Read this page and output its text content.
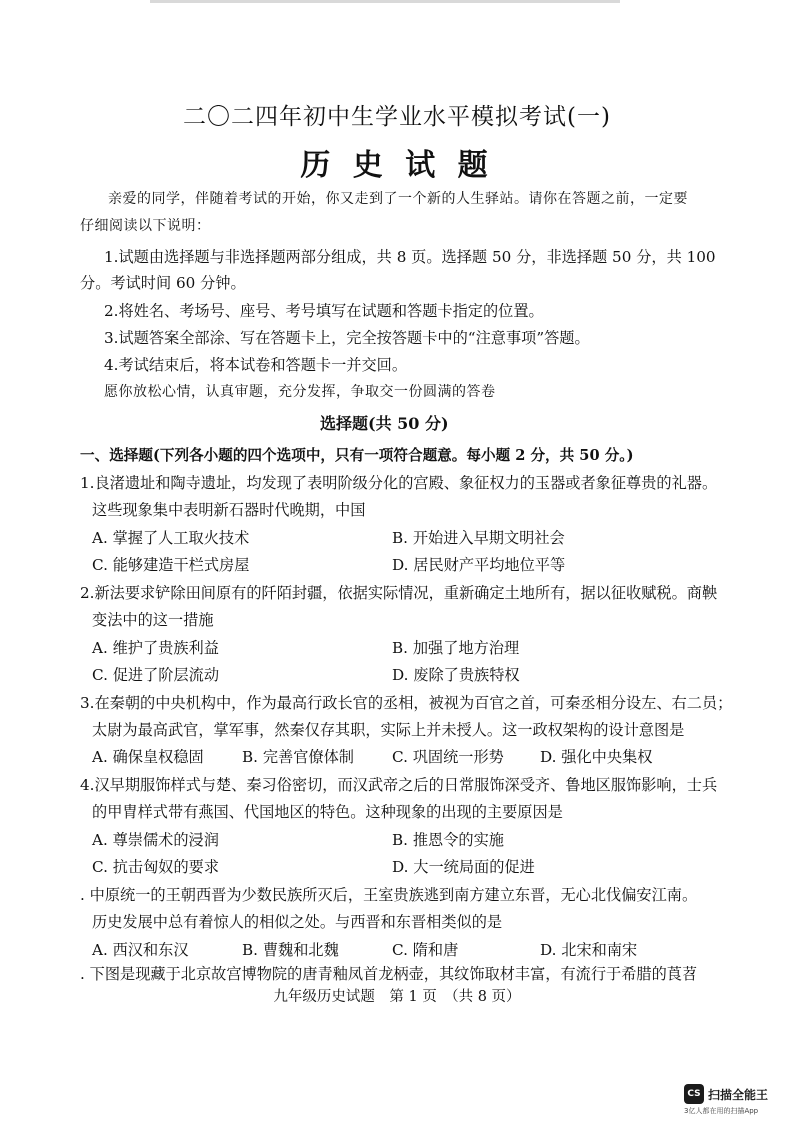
二〇二四年初中生学业水平模拟考试(一)
历 史 试 题
亲爱的同学，伴随着考试的开始，你又走到了一个新的人生驿站。请你在答题之前，一定要
仔细阅读以下说明：
1.试题由选择题与非选择题两部分组成，共 8 页。选择题 50 分，非选择题 50 分，共 100
分。考试时间 60 分钟。
2.将姓名、考场号、座号、考号填写在试题和答题卡指定的位置。
3.试题答案全部涂、写在答题卡上，完全按答题卡中的“注意事项”答题。
4.考试结束后，将本试卷和答题卡一并交回。
愿你放松心情，认真审题，充分发挥，争取交一份圆满的答卷
选择题(共 50 分)
一、选择题(下列各小题的四个选项中，只有一项符合题意。每小题 2 分，共 50 分。)
1.良渚遗址和陶寺遗址，均发现了表明阶级分化的宫殿、象征权力的玉器或者象征尊贵的礼器。
这些现象集中表明新石器时代晚期，中国
A. 掌握了人工取火技术	B. 开始进入早期文明社会
C. 能够建造干栏式房屋	D. 居民财产平均地位平等
2.新法要求铲除田间原有的阡陌封疆，依据实际情况，重新确定土地所有，据以征收赋税。商鞅
变法中的这一措施
A. 维护了贵族利益	B. 加强了地方治理
C. 促进了阶层流动	D. 废除了贵族特权
3.在秦朝的中央机构中，作为最高行政长官的丞相，被视为百官之首，可秦丞相分设左、右二员；
太尉为最高武官，掌军事，然秦仅存其职，实际上并未授人。这一政权架构的设计意图是
A. 确保皇权稳固	B. 完善官僚体制	C. 巩固统一形势 D. 强化中央集权
4.汉早期服饰样式与楚、秦习俗密切，而汉武帝之后的日常服饰深受齐、鲁地区服饰影响，士兵
的甲胄样式带有燕国、代国地区的特色。这种现象的出现的主要原因是
A. 尊崇儒术的浸润	B. 推恩令的实施
C. 抗击匈奴的要求	D. 大一统局面的促进
. 中原统一的王朝西晋为少数民族所灭后，王室贵族逃到南方建立东晋，无心北伐偏安江南。
历史发展中总有着惊人的相似之处。与西晋和东晋相类似的是
A. 西汉和东汉	B. 曹魏和北魏	C. 隋和唐	D. 北宋和南宋
. 下图是现藏于北京故宫博物院的唐青釉凤首龙柄壶，其纹饰取材丰富，有流行于希腊的莨苕
九年级历史试题　第 1 页　（共 8 页）
CS 扫描全能王
3亿人都在用的扫描App
